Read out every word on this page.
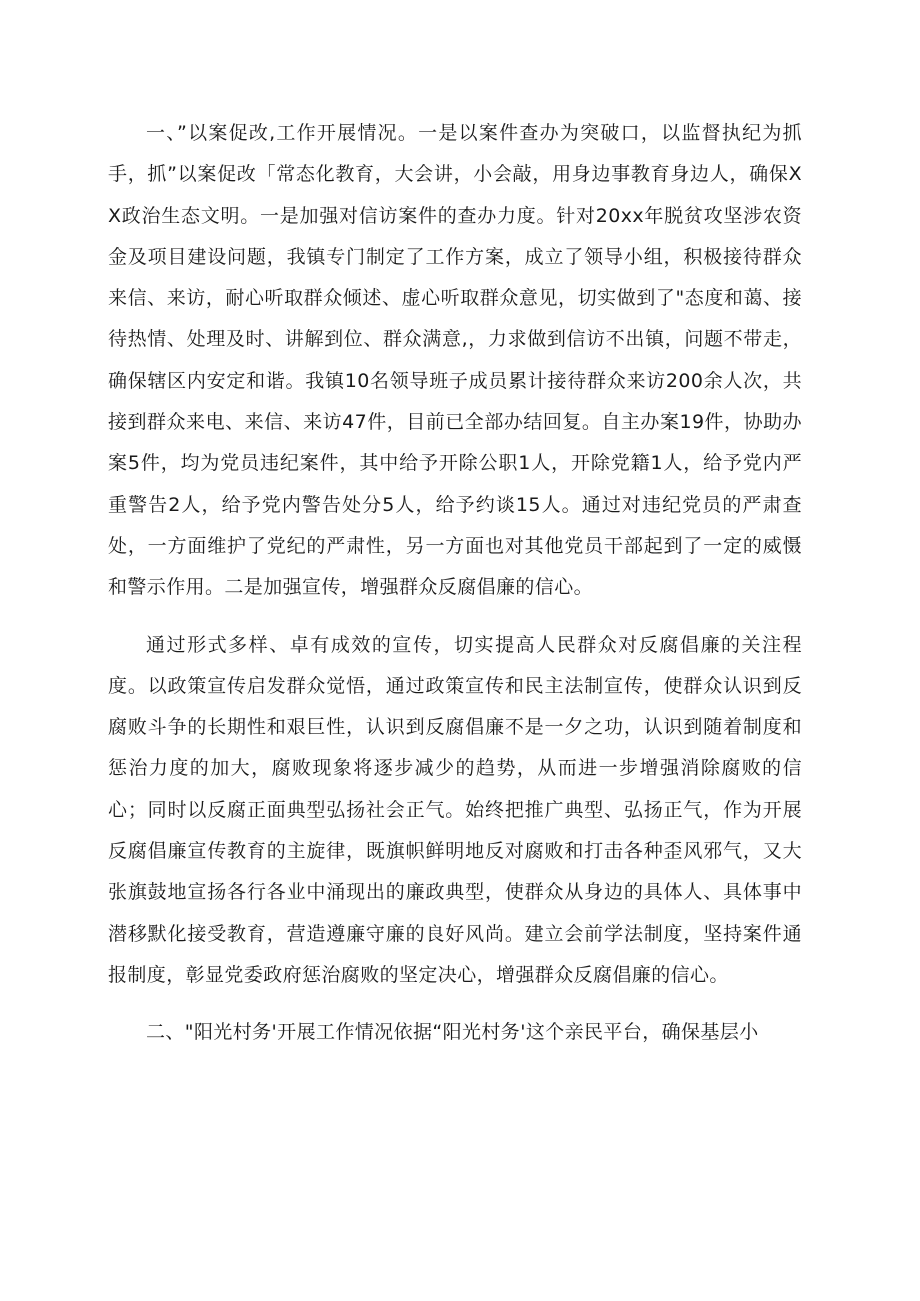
一、”以案促改,工作开展情况。一是以案件查办为突破口，以监督执纪为抓手，抓”以案促改「常态化教育，大会讲，小会敲，用身边事教育身边人，确保XX政治生态文明。一是加强对信访案件的查办力度。针对20xx年脱贫攻坚涉农资金及项目建设问题，我镇专门制定了工作方案，成立了领导小组，积极接待群众来信、来访，耐心听取群众倾述、虚心听取群众意见，切实做到了"态度和蔼、接待热情、处理及时、讲解到位、群众满意,，力求做到信访不出镇，问题不带走，确保辖区内安定和谐。我镇10名领导班子成员累计接待群众来访200余人次，共接到群众来电、来信、来访47件，目前已全部办结回复。自主办案19件，协助办案5件，均为党员违纪案件，其中给予开除公职1人，开除党籍1人，给予党内严重警告2人，给予党内警告处分5人，给予约谈15人。通过对违纪党员的严肃查处，一方面维护了党纪的严肃性，另一方面也对其他党员干部起到了一定的威慑和警示作用。二是加强宣传，增强群众反腐倡廉的信心。

通过形式多样、卓有成效的宣传，切实提高人民群众对反腐倡廉的关注程度。以政策宣传启发群众觉悟，通过政策宣传和民主法制宣传，使群众认识到反腐败斗争的长期性和艰巨性，认识到反腐倡廉不是一夕之功，认识到随着制度和惩治力度的加大，腐败现象将逐步减少的趋势，从而进一步增强消除腐败的信心；同时以反腐正面典型弘扬社会正气。始终把推广典型、弘扬正气，作为开展反腐倡廉宣传教育的主旋律，既旗帜鲜明地反对腐败和打击各种歪风邪气，又大张旗鼓地宣扬各行各业中涌现出的廉政典型，使群众从身边的具体人、具体事中潜移默化接受教育，营造遵廉守廉的良好风尚。建立会前学法制度，坚持案件通报制度，彰显党委政府惩治腐败的坚定决心，增强群众反腐倡廉的信心。

二、"阳光村务'开展工作情况依据“阳光村务'这个亲民平台，确保基层小
